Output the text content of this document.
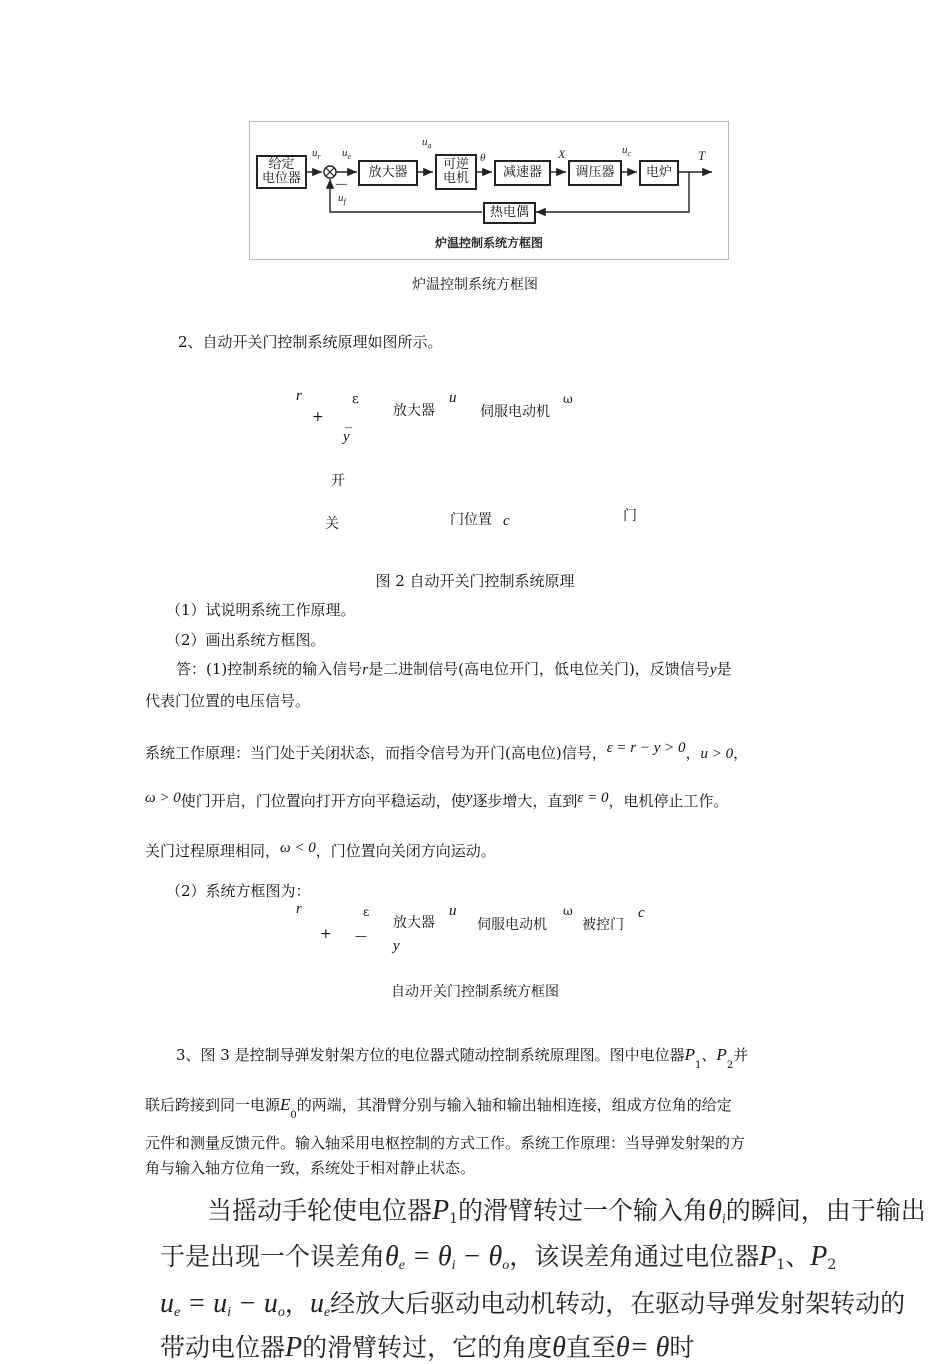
给定
电位器	放大器
可逆
电机	减速器	调压器 电炉
热电偶
$u_r$ $u_e$
$u_a$
θ	X	$u_c$	T
$u_f$
—
炉温控制系统方框图
炉温控制系统方框图
2、自动开关门控制系统原理如图所示。
r	ε
放大器
u
伺服电动机
ω
+ _
y
开
关	门位置 c	门
图 2 自动开关门控制系统原理
（1）试说明系统工作原理。
（2）画出系统方框图。
答：(1)控制系统的输入信号r是二进制信号(高电位开门，低电位关门)，反馈信号y是
代表门位置的电压信号。
系统工作原理：当门处于关闭状态，而指令信号为开门(高电位)信号，ε = r − y > 0，u > 0，
ω > 0使门开启，门位置向打开方向平稳运动，使y逐步增大，直到ε = 0，电机停止工作。
关门过程原理相同，ω < 0，门位置向关闭方向运动。
（2）系统方框图为：
r	ε
放大器
u
伺服电动机
ω
被控门
c
+ —
y
自动开关门控制系统方框图
3、图 3 是控制导弹发射架方位的电位器式随动控制系统原理图。图中电位器$P_1$、$P_2$并
联后跨接到同一电源$E_0$的两端，其滑臂分别与输入轴和输出轴相连接，组成方位角的给定
元件和测量反馈元件。输入轴采用电枢控制的方式工作。系统工作原理：当导弹发射架的方
角与输入轴方位角一致，系统处于相对静止状态。
当摇动手轮使电位器$P_1$的滑臂转过一个输入角$\theta_i$的瞬间，由于输出
于是出现一个误差角$\theta_e = \theta_i - \theta_o$，该误差角通过电位器$P_1$、$P_2$
$u_e = u_i - u_o$，$u_e$经放大后驱动电动机转动，在驱动导弹发射架转动的
带动电位器P的滑臂转过，它的角度θ直至θ= θ时
